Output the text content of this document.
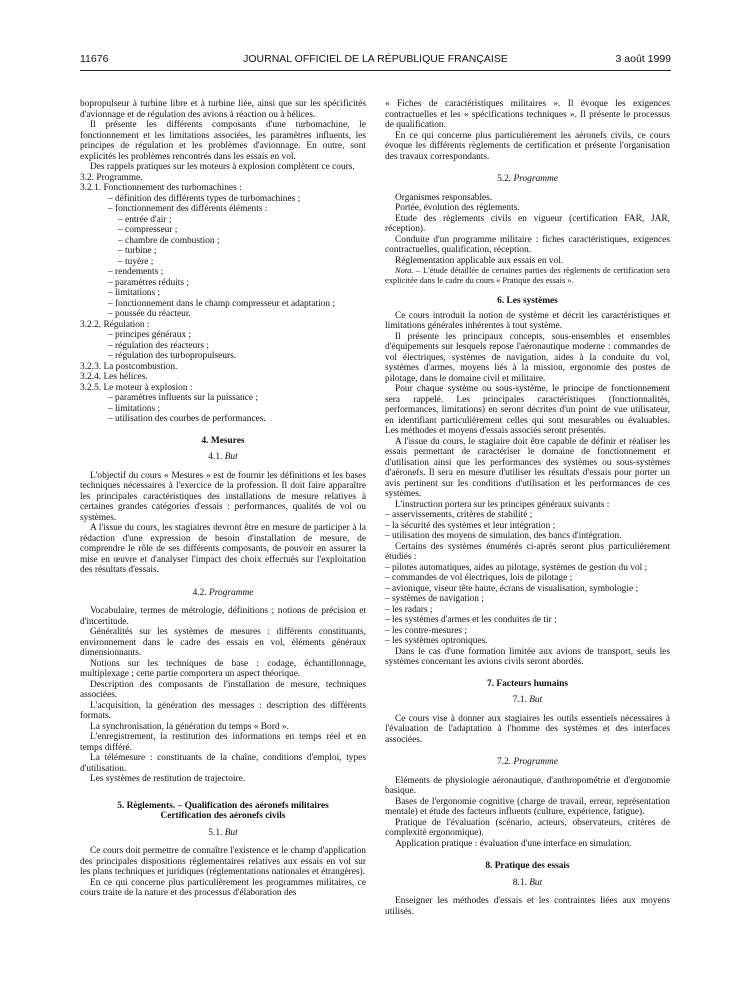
11676	JOURNAL OFFICIEL DE LA RÉPUBLIQUE FRANÇAISE	3 août 1999

bopropulseur à turbine libre et à turbine liée, ainsi que sur les spécificités d'avionnage et de régulation des avions à réaction ou à hélices.

Il présente les différents composants d'une turbomachine, le fonctionnement et les limitations associées, les paramètres influents, les principes de régulation et les problèmes d'avionnage. En outre, sont explicités les problèmes rencontrés dans les essais en vol.

Des rappels pratiques sur les moteurs à explosion complètent ce cours.

3.2. Programme.
3.2.1. Fonctionnement des turbomachines :
– définition des différents types de turbomachines ;
– fonctionnement des différents éléments :
– entrée d'air ;
– compresseur ;
– chambre de combustion ;
– turbine ;
– tuyère ;
– rendements ;
– paramètres réduits ;
– limitations ;
– fonctionnement dans le champ compresseur et adaptation ;
– poussée du réacteur.
3.2.2. Régulation :
– principes généraux ;
– régulation des réacteurs ;
– régulation des turbopropulseurs.
3.2.3. La postcombustion.
3.2.4. Les hélices.
3.2.5. Le moteur à explosion :
– paramètres influents sur la puissance ;
– limitations ;
– utilisation des courbes de performances.
4. Mesures
4.1. But

L'objectif du cours « Mesures » est de fournir les définitions et les bases techniques nécessaires à l'exercice de la profession. Il doit faire apparaître les principales caractéristiques des installations de mesure relatives à certaines grandes catégories d'essais : performances, qualités de vol ou systèmes.

A l'issue du cours, les stagiaires devront être en mesure de participer à la rédaction d'une expression de besoin d'installation de mesure, de comprendre le rôle de ses différents composants, de pouvoir en assurer la mise en œuvre et d'analyser l'impact des choix effectués sur l'exploitation des résultats d'essais.

4.2. Programme

Vocabulaire, termes de métrologie, définitions ; notions de précision et d'incertitude.

Généralités sur les systèmes de mesures : différents constituants, environnement dans le cadre des essais en vol, éléments généraux dimensionnants.

Notions sur les techniques de base : codage, échantillonnage, multiplexage ; cette partie comportera un aspect théorique.

Description des composants de l'installation de mesure, techniques associées.

L'acquisition, la génération des messages : description des différents formats.

La synchronisation, la génération du temps « Bord ».

L'enregistrement, la restitution des informations en temps réel et en temps différé.

La télémesure : constituants de la chaîne, conditions d'emploi, types d'utilisation.

Les systèmes de restitution de trajectoire.

5. Règlements. – Qualification des aéronefs militaires
Certification des aéronefs civils
5.1. But

Ce cours doit permettre de connaître l'existence et le champ d'application des principales dispositions réglementaires relatives aux essais en vol sur les plans techniques et juridiques (réglementations nationales et étrangères).

En ce qui concerne plus particulièrement les programmes militaires, ce cours traite de la nature et des processus d'élaboration des

« Fiches de caractéristiques militaires ». Il évoque les exigences contractuelles et les « spécifications techniques ». Il présente le processus de qualification.

En ce qui concerne plus particulièrement les aéronefs civils, ce cours évoque les différents règlements de certification et présente l'organisation des travaux correspondants.

5.2. Programme

Organismes responsables.

Portée, évolution des règlements.

Etude des règlements civils en vigueur (certification FAR, JAR, réception).

Conduite d'un programme militaire : fiches caractéristiques, exigences contractuelles, qualification, réception.

Réglementation applicable aux essais en vol.

Nota. – L'étude détaillée de certaines parties des règlements de certification sera explicitée dans le cadre du cours « Pratique des essais ».

6. Les systèmes

Ce cours introduit la notion de système et décrit les caractéristiques et limitations générales inhérentes à tout système.

Il présente les principaux concepts, sous-ensembles et ensembles d'équipements sur lesquels repose l'aéronautique moderne : commandes de vol électriques, systèmes de navigation, aides à la conduite du vol, systèmes d'armes, moyens liés à la mission, ergonomie des postes de pilotage, dans le domaine civil et militaire.

Pour chaque système ou sous-système, le principe de fonctionnement sera rappelé. Les principales caractéristiques (fonctionnalités, performances, limitations) en seront décrites d'un point de vue utilisateur, en identifiant particulièrement celles qui sont mesurables ou évaluables. Les méthodes et moyens d'essais associés seront présentés.

A l'issue du cours, le stagiaire doit être capable de définir et réaliser les essais permettant de caractériser le domaine de fonctionnement et d'utilisation ainsi que les performances des systèmes ou sous-systèmes d'aéronefs. Il sera en mesure d'utiliser les résultats d'essais pour porter un avis pertinent sur les conditions d'utilisation et les performances de ces systèmes.

L'instruction portera sur les principes généraux suivants :

– asservissements, critères de stabilité ;
– la sécurité des systèmes et leur intégration ;
– utilisation des moyens de simulation, des bancs d'intégration.

Certains des systèmes énumérés ci-après seront plus particulièrement étudiés :

– pilotes automatiques, aides au pilotage, systèmes de gestion du vol ;
– commandes de vol électriques, lois de pilotage ;
– avionique, viseur tête haute, écrans de visualisation, symbologie ;
– systèmes de navigation ;
– les radars ;
– les systèmes d'armes et les conduites de tir ;
– les contre-mesures ;
– les systèmes optroniques.

Dans le cas d'une formation limitée aux avions de transport, seuls les systèmes concernant les avions civils seront abordés.

7. Facteurs humains
7.1. But

Ce cours vise à donner aux stagiaires les outils essentiels nécessaires à l'évaluation de l'adaptation à l'homme des systèmes et des interfaces associées.

7.2. Programme

Eléments de physiologie aéronautique, d'anthropométrie et d'ergonomie basique.

Bases de l'ergonomie cognitive (charge de travail, erreur, représentation mentale) et étude des facteurs influents (culture, expérience, fatigue).

Pratique de l'évaluation (scénario, acteurs, observateurs, critères de complexité ergonomique).

Application pratique : évaluation d'une interface en simulation.

8. Pratique des essais
8.1. But

Enseigner les méthodes d'essais et les contraintes liées aux moyens utilisés.
